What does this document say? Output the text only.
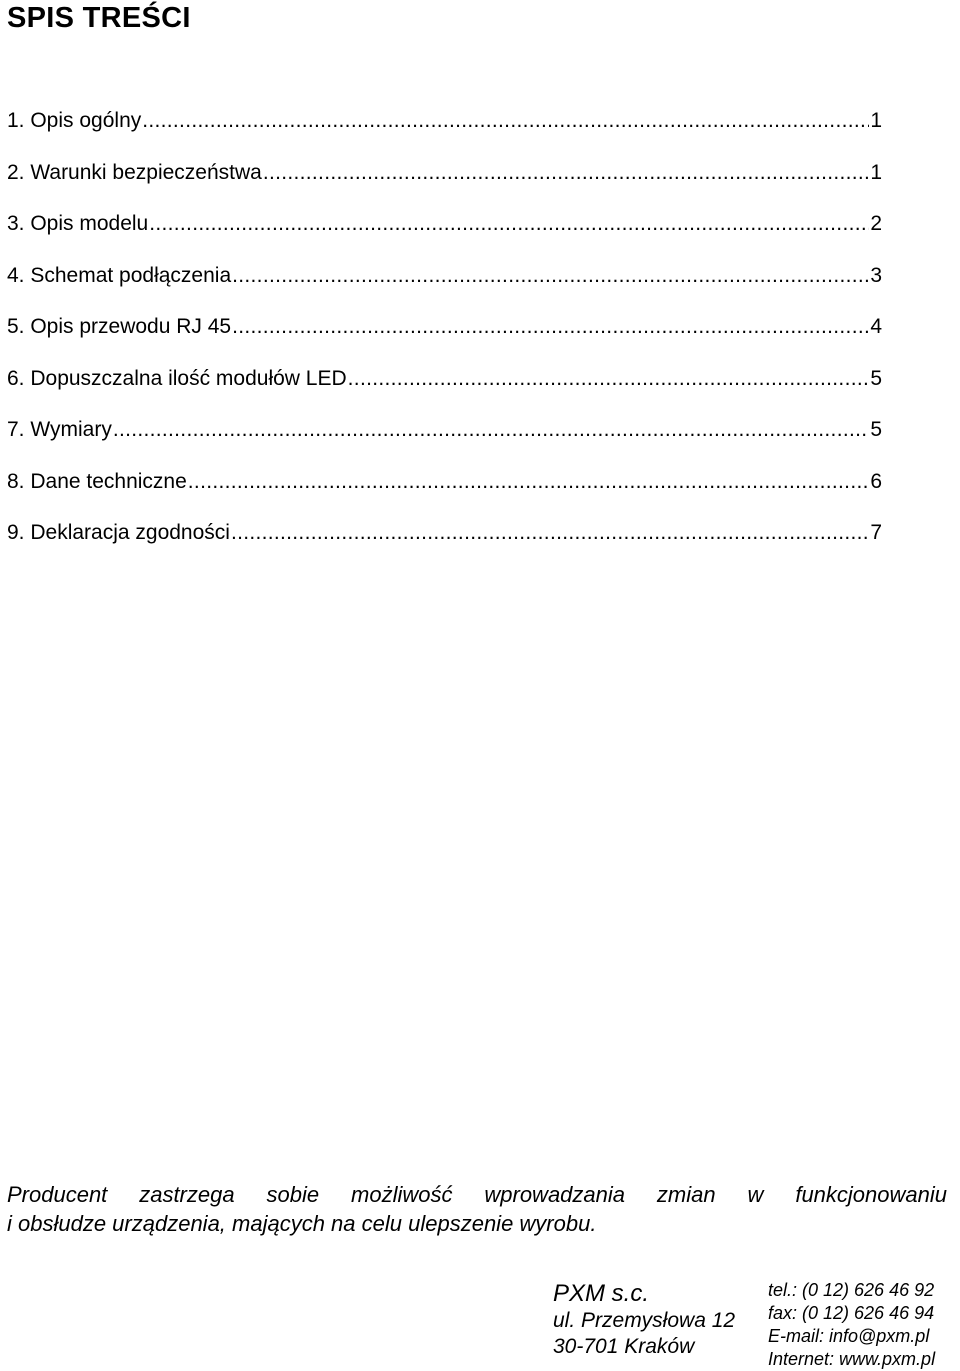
SPIS TREŚCI
1. Opis ogólny .....	1
2. Warunki bezpieczeństwa .....	1
3. Opis modelu .....	2
4. Schemat podłączenia .....	3
5. Opis przewodu RJ 45 .....	4
6. Dopuszczalna ilość modułów LED .....	5
7. Wymiary .....	5
8. Dane techniczne .....	6
9. Deklaracja zgodności .....	7

Producent zastrzega sobie możliwość wprowadzania zmian w funkcjonowaniu
i obsłudze urządzenia, mających na celu ulepszenie wyrobu.

PXM s.c.
ul. Przemysłowa 12
30-701 Kraków
tel.: (0 12) 626 46 92
fax: (0 12) 626 46 94
E-mail: info@pxm.pl
Internet: www.pxm.pl
